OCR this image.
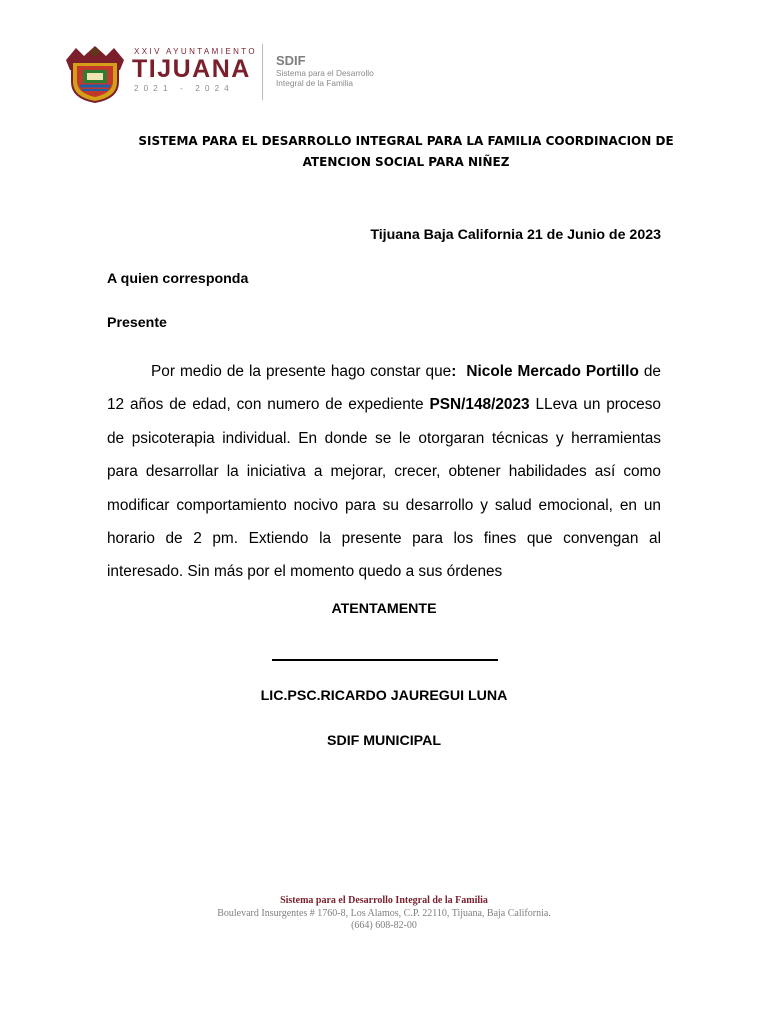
XXIV AYUNTAMIENTO
TIJUANA
2021 - 2024
SDIF
Sistema para el Desarrollo
Integral de la Familia
SISTEMA PARA EL DESARROLLO INTEGRAL PARA LA FAMILIA COORDINACION DE
ATENCION SOCIAL PARA NIÑEZ
Tijuana Baja California 21 de Junio de 2023
A quien corresponda
Presente

Por medio de la presente hago constar que: Nicole Mercado Portillo de 12 años de edad, con numero de expediente PSN/148/2023 LLeva un proceso de psicoterapia individual. En donde se le otorgaran técnicas y herramientas para desarrollar la iniciativa a mejorar, crecer, obtener habilidades así como modificar comportamiento nocivo para su desarrollo y salud emocional, en un horario de 2 pm. Extiendo la presente para los fines que convengan al interesado. Sin más por el momento quedo a sus órdenes

ATENTAMENTE
LIC.PSC.RICARDO JAUREGUI LUNA
SDIF MUNICIPAL
Sistema para el Desarrollo Integral de la Familia
Boulevard Insurgentes # 1760-8, Los Alamos, C.P. 22110, Tijuana, Baja California.
(664) 608-82-00
